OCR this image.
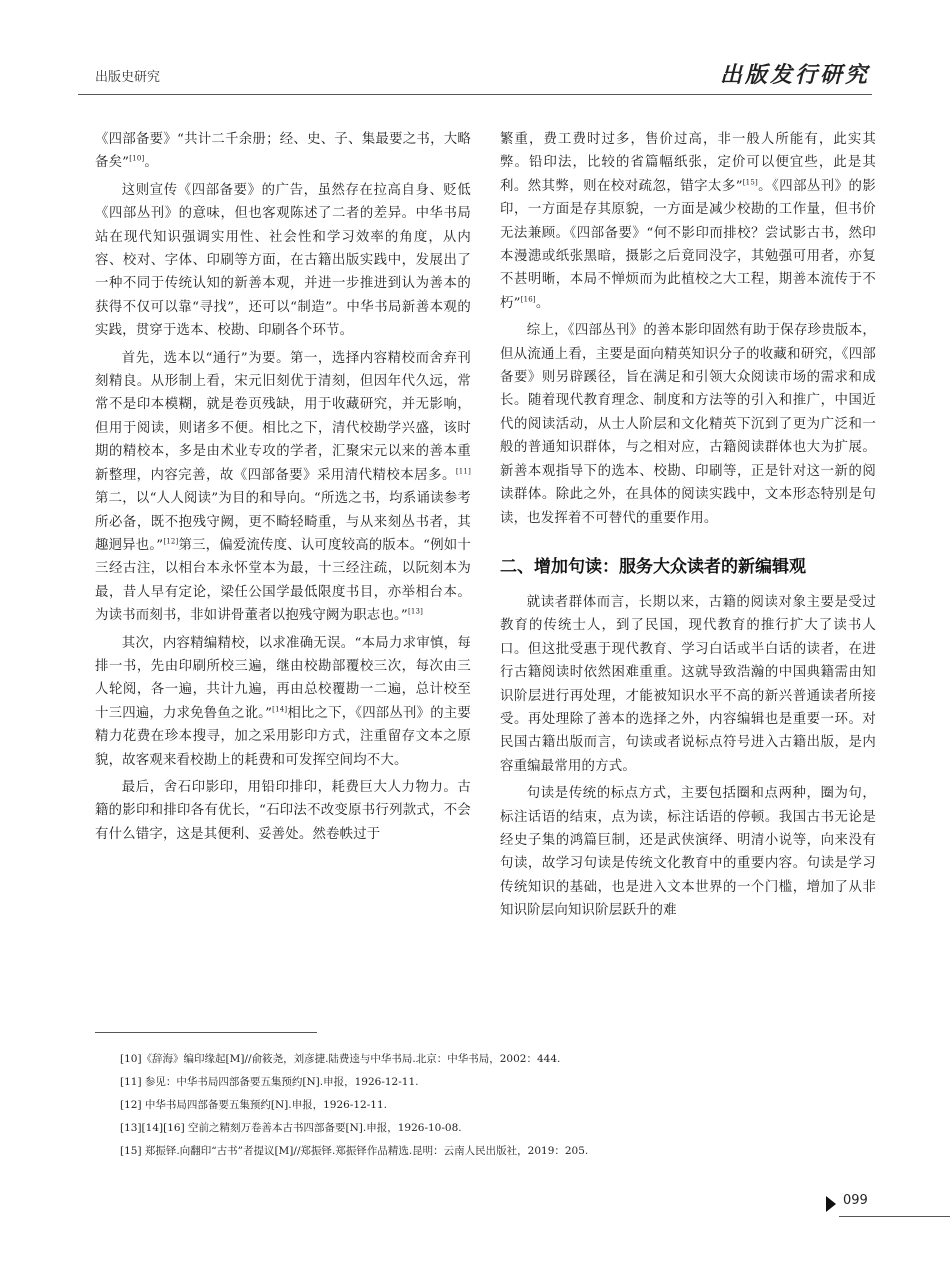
出版史研究	出版发行研究

《四部备要》“共计二千余册；经、史、子、集最要之书，大略备矣”[10]。

这则宣传《四部备要》的广告，虽然存在拉高自身、贬低《四部丛刊》的意味，但也客观陈述了二者的差异。中华书局站在现代知识强调实用性、社会性和学习效率的角度，从内容、校对、字体、印刷等方面，在古籍出版实践中，发展出了一种不同于传统认知的新善本观，并进一步推进到认为善本的获得不仅可以靠“寻找”，还可以“制造”。中华书局新善本观的实践，贯穿于选本、校勘、印刷各个环节。

首先，选本以“通行”为要。第一，选择内容精校而舍弃刊刻精良。从形制上看，宋元旧刻优于清刻，但因年代久远，常常不是印本模糊，就是卷页残缺，用于收藏研究，并无影响，但用于阅读，则诸多不便。相比之下，清代校勘学兴盛，该时期的精校本，多是由术业专攻的学者，汇聚宋元以来的善本重新整理，内容完善，故《四部备要》采用清代精校本居多。[11]第二，以“人人阅读”为目的和导向。“所选之书，均系诵读参考所必备，既不抱残守阙，更不畸轻畸重，与从来刻丛书者，其趣迥异也。”[12]第三，偏爱流传度、认可度较高的版本。“例如十三经古注，以相台本永怀堂本为最，十三经注疏，以阮刻本为最，昔人早有定论，梁任公国学最低限度书目，亦举相台本。为读书而刻书，非如讲骨董者以抱残守阙为职志也。”[13]

其次，内容精编精校，以求准确无误。“本局力求审慎，每排一书，先由印刷所校三遍，继由校勘部覆校三次，每次由三人轮阅，各一遍，共计九遍，再由总校覆勘一二遍，总计校至十三四遍，力求免鲁鱼之讹。”[14]相比之下，《四部丛刊》的主要精力花费在珍本搜寻，加之采用影印方式，注重留存文本之原貌，故客观来看校勘上的耗费和可发挥空间均不大。

最后，舍石印影印，用铅印排印，耗费巨大人力物力。古籍的影印和排印各有优长，“石印法不改变原书行列款式，不会有什么错字，这是其便利、妥善处。然卷帙过于

繁重，费工费时过多，售价过高，非一般人所能有，此实其弊。铅印法，比较的省篇幅纸张，定价可以便宜些，此是其利。然其弊，则在校对疏忽，错字太多”[15]。《四部丛刊》的影印，一方面是存其原貌，一方面是减少校勘的工作量，但书价无法兼顾。《四部备要》“何不影印而排校？尝试影古书，然印本漫漶或纸张黑暗，摄影之后竟同没字，其勉强可用者，亦复不甚明晰，本局不惮烦而为此植校之大工程，期善本流传于不朽”[16]。

综上，《四部丛刊》的善本影印固然有助于保存珍贵版本，但从流通上看，主要是面向精英知识分子的收藏和研究，《四部备要》则另辟蹊径，旨在满足和引领大众阅读市场的需求和成长。随着现代教育理念、制度和方法等的引入和推广，中国近代的阅读活动，从士人阶层和文化精英下沉到了更为广泛和一般的普通知识群体，与之相对应，古籍阅读群体也大为扩展。新善本观指导下的选本、校勘、印刷等，正是针对这一新的阅读群体。除此之外，在具体的阅读实践中，文本形态特别是句读，也发挥着不可替代的重要作用。

二、增加句读：服务大众读者的新编辑观

就读者群体而言，长期以来，古籍的阅读对象主要是受过教育的传统士人，到了民国，现代教育的推行扩大了读书人口。但这批受惠于现代教育、学习白话或半白话的读者，在进行古籍阅读时依然困难重重。这就导致浩瀚的中国典籍需由知识阶层进行再处理，才能被知识水平不高的新兴普通读者所接受。再处理除了善本的选择之外，内容编辑也是重要一环。对民国古籍出版而言，句读或者说标点符号进入古籍出版，是内容重编最常用的方式。

句读是传统的标点方式，主要包括圈和点两种，圈为句，标注话语的结束，点为读，标注话语的停顿。我国古书无论是经史子集的鸿篇巨制，还是武侠演绎、明清小说等，向来没有句读，故学习句读是传统文化教育中的重要内容。句读是学习传统知识的基础，也是进入文本世界的一个门槛，增加了从非知识阶层向知识阶层跃升的难

[10]《辞海》编印缘起[M]//俞筱尧，刘彦捷.陆费逵与中华书局.北京：中华书局，2002：444.

[11] 参见：中华书局四部备要五集预约[N].申报，1926-12-11.

[12] 中华书局四部备要五集预约[N].申报，1926-12-11.

[13][14][16] 空前之精刻万卷善本古书四部备要[N].申报，1926-10-08.

[15] 郑振铎.向翻印“古书”者提议[M]//郑振铎.郑振铎作品精选.昆明：云南人民出版社，2019：205.

099
